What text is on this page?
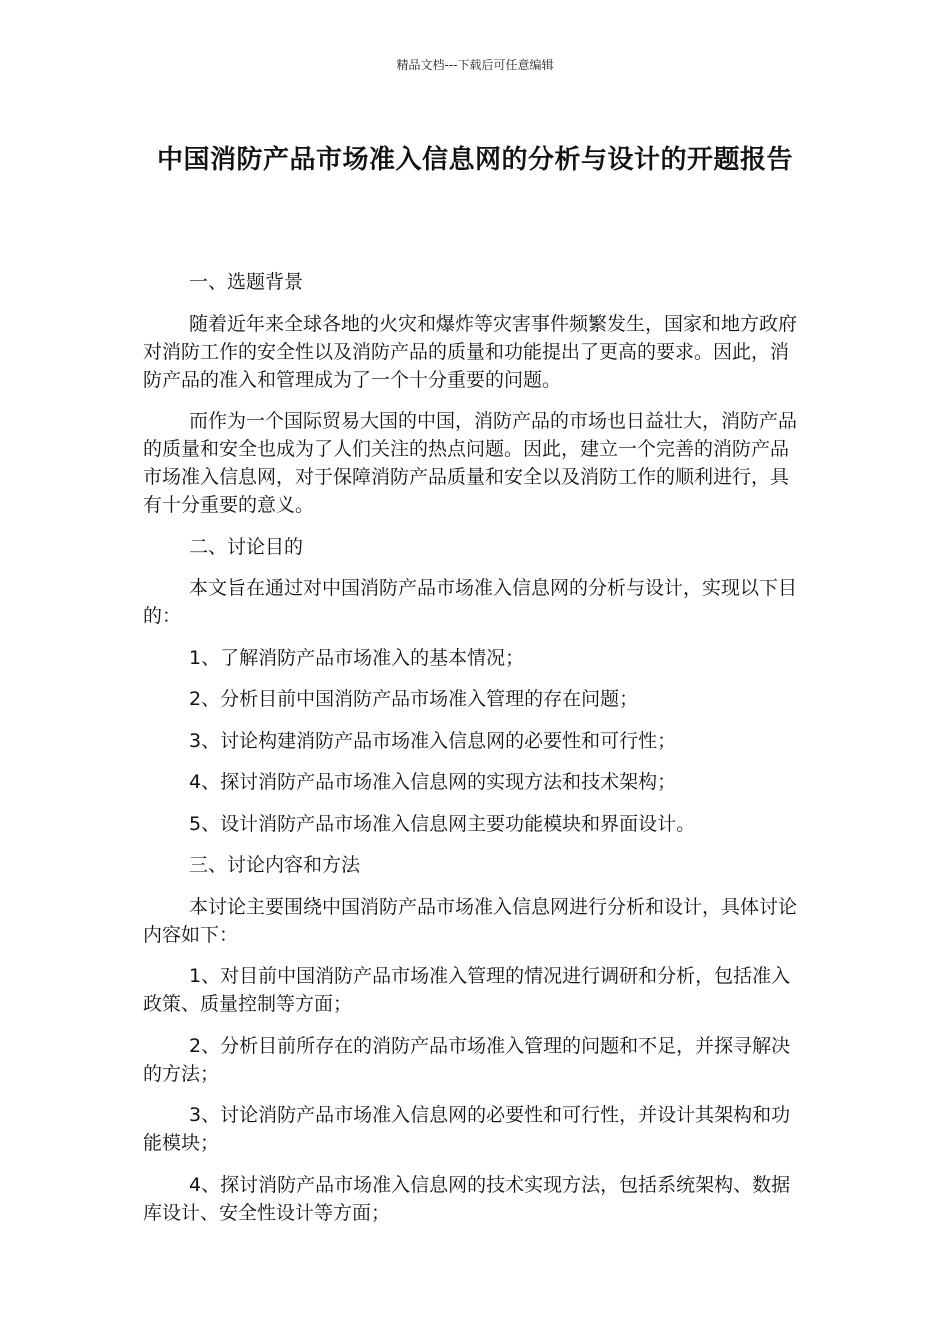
精品文档---下载后可任意编辑
中国消防产品市场准入信息网的分析与设计的开题报告

一、选题背景

随着近年来全球各地的火灾和爆炸等灾害事件频繁发生，国家和地方政府对消防工作的安全性以及消防产品的质量和功能提出了更高的要求。因此，消防产品的准入和管理成为了一个十分重要的问题。

而作为一个国际贸易大国的中国，消防产品的市场也日益壮大，消防产品的质量和安全也成为了人们关注的热点问题。因此，建立一个完善的消防产品市场准入信息网，对于保障消防产品质量和安全以及消防工作的顺利进行，具有十分重要的意义。

二、讨论目的

本文旨在通过对中国消防产品市场准入信息网的分析与设计，实现以下目的：

1、了解消防产品市场准入的基本情况；

2、分析目前中国消防产品市场准入管理的存在问题；

3、讨论构建消防产品市场准入信息网的必要性和可行性；

4、探讨消防产品市场准入信息网的实现方法和技术架构；

5、设计消防产品市场准入信息网主要功能模块和界面设计。

三、讨论内容和方法

本讨论主要围绕中国消防产品市场准入信息网进行分析和设计，具体讨论内容如下：

1、对目前中国消防产品市场准入管理的情况进行调研和分析，包括准入政策、质量控制等方面；

2、分析目前所存在的消防产品市场准入管理的问题和不足，并探寻解决的方法；

3、讨论消防产品市场准入信息网的必要性和可行性，并设计其架构和功能模块；

4、探讨消防产品市场准入信息网的技术实现方法，包括系统架构、数据库设计、安全性设计等方面；
